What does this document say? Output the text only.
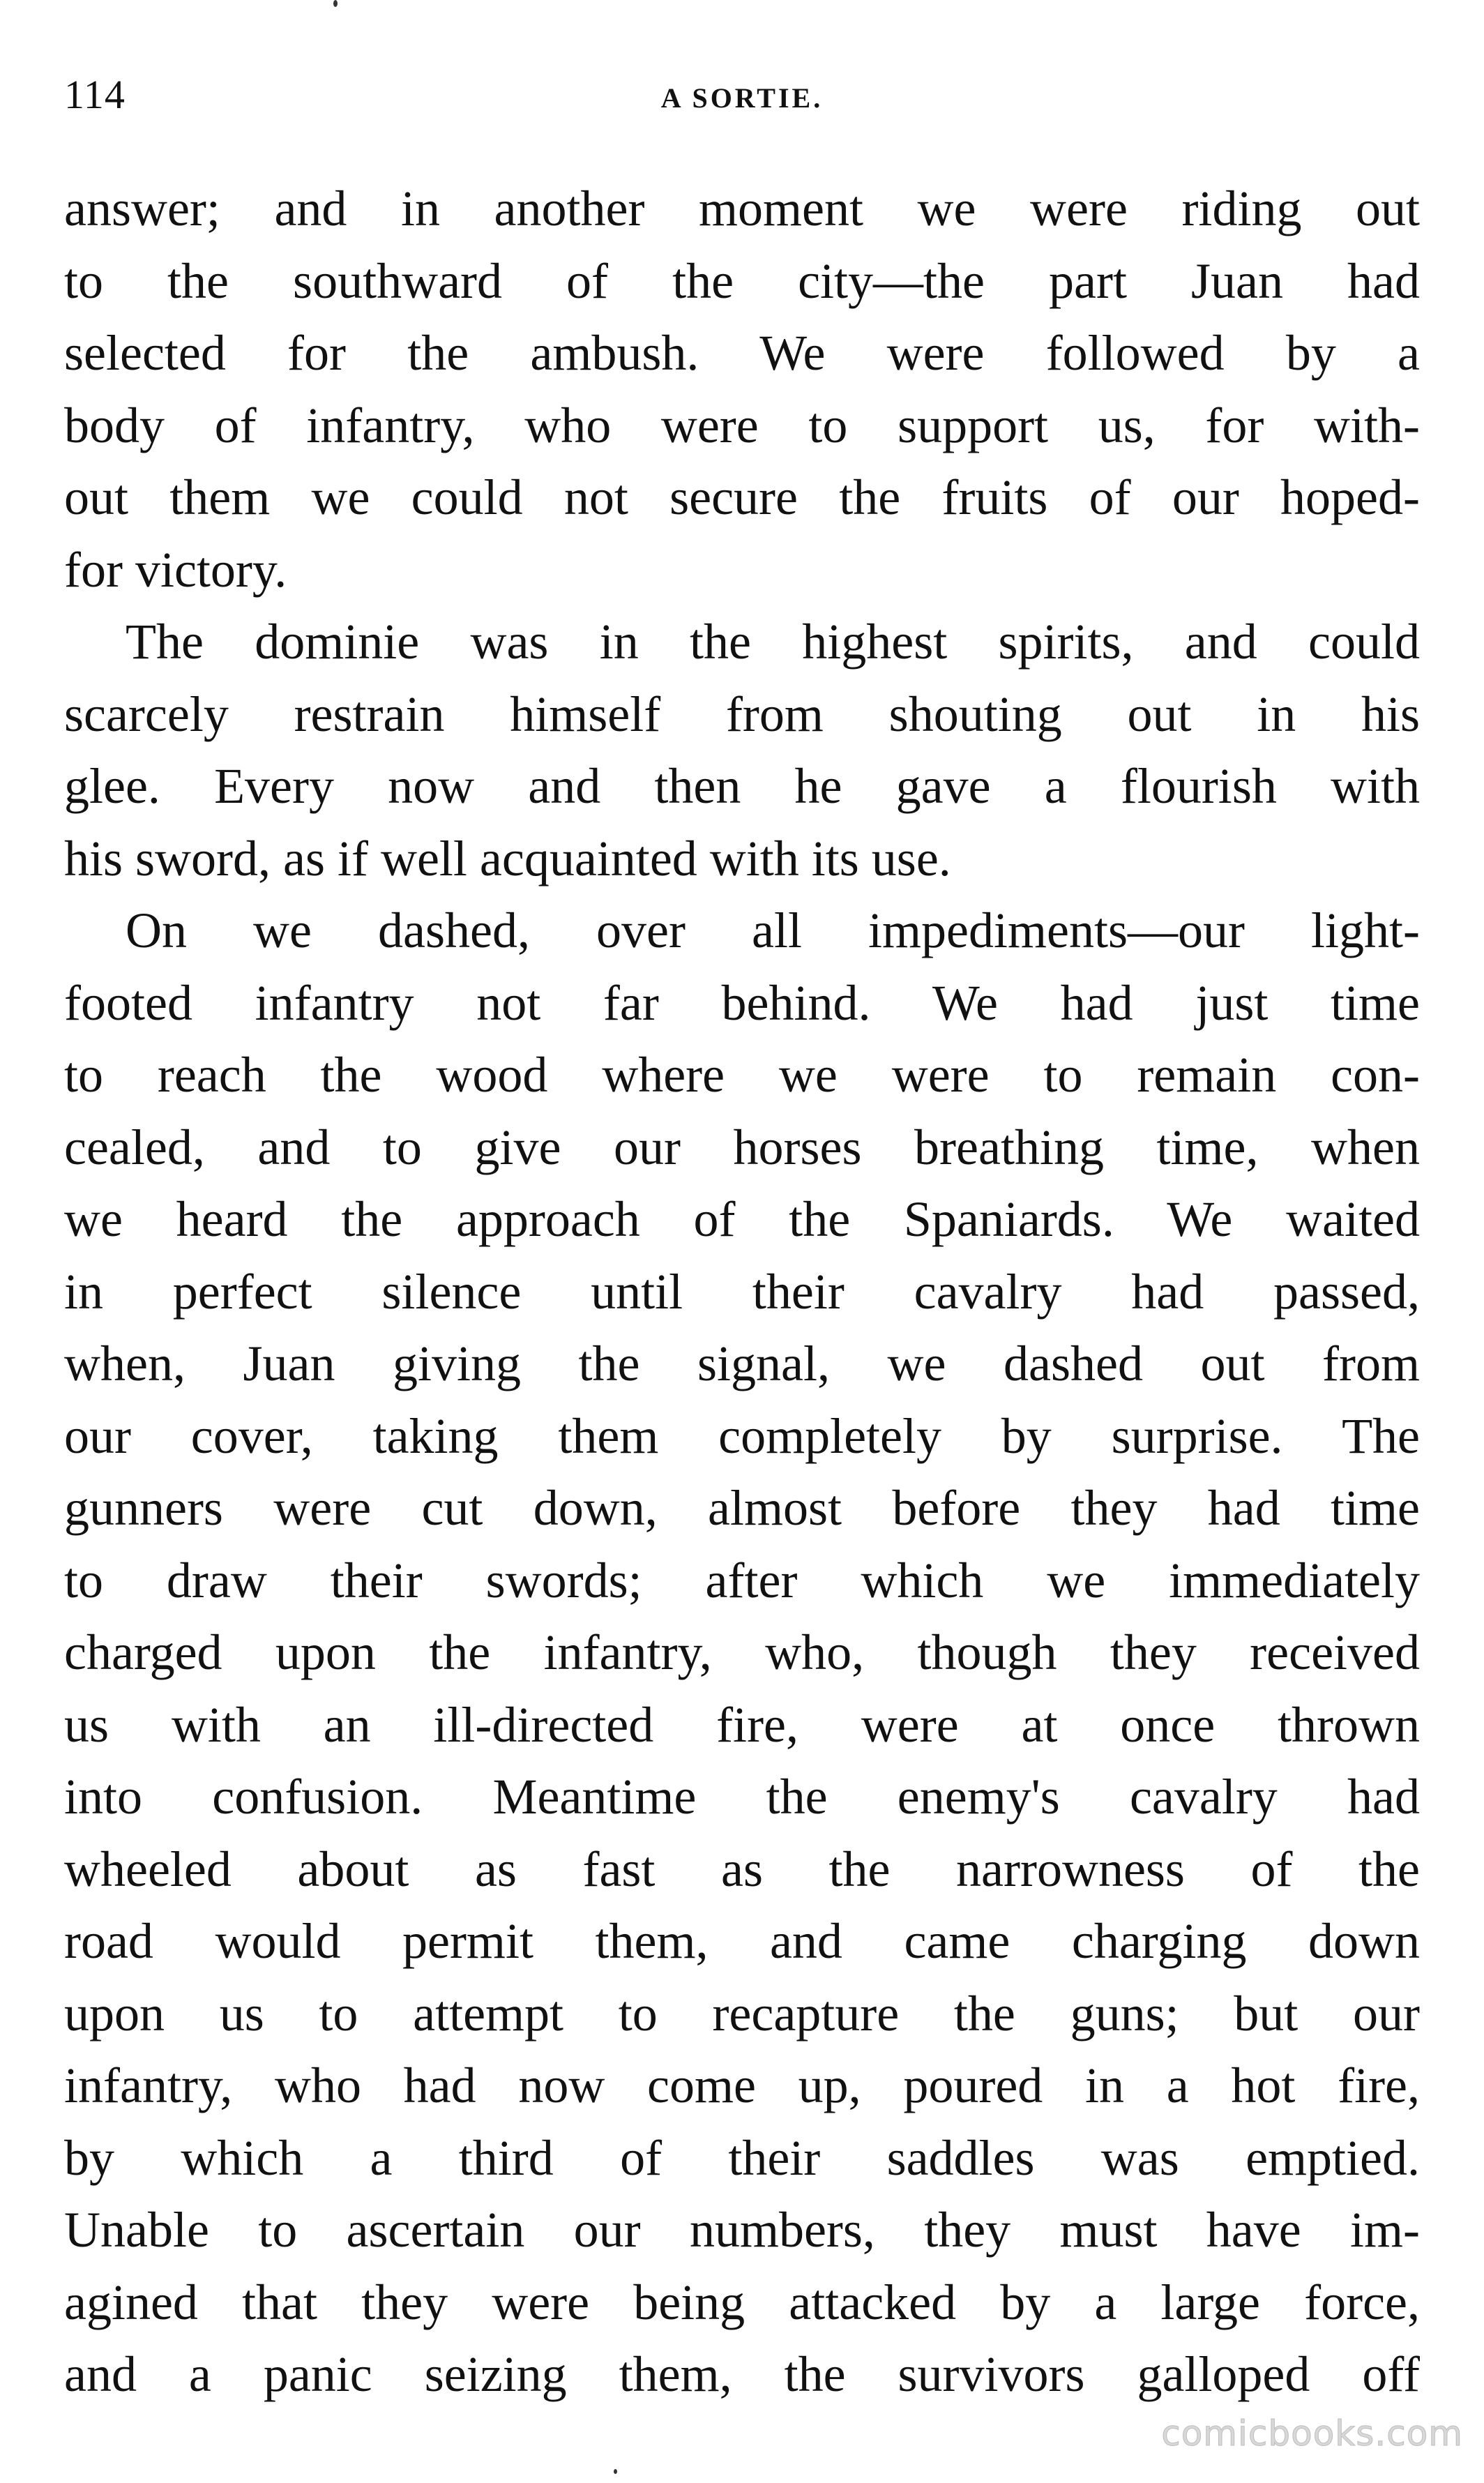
114	A SORTIE.
answer; and in another moment we were riding out
to the southward of the city—the part Juan had
selected for the ambush. We were followed by a
body of infantry, who were to support us, for with-
out them we could not secure the fruits of our hoped-
for victory.
The dominie was in the highest spirits, and could
scarcely restrain himself from shouting out in his
glee. Every now and then he gave a flourish with
his sword, as if well acquainted with its use.
On we dashed, over all impediments—our light-
footed infantry not far behind. We had just time
to reach the wood where we were to remain con-
cealed, and to give our horses breathing time, when
we heard the approach of the Spaniards. We waited
in perfect silence until their cavalry had passed,
when, Juan giving the signal, we dashed out from
our cover, taking them completely by surprise. The
gunners were cut down, almost before they had time
to draw their swords; after which we immediately
charged upon the infantry, who, though they received
us with an ill-directed fire, were at once thrown
into confusion. Meantime the enemy's cavalry had
wheeled about as fast as the narrowness of the
road would permit them, and came charging down
upon us to attempt to recapture the guns; but our
infantry, who had now come up, poured in a hot fire,
by which a third of their saddles was emptied.
Unable to ascertain our numbers, they must have im-
agined that they were being attacked by a large force,
and a panic seizing them, the survivors galloped off
comicbooks.com
